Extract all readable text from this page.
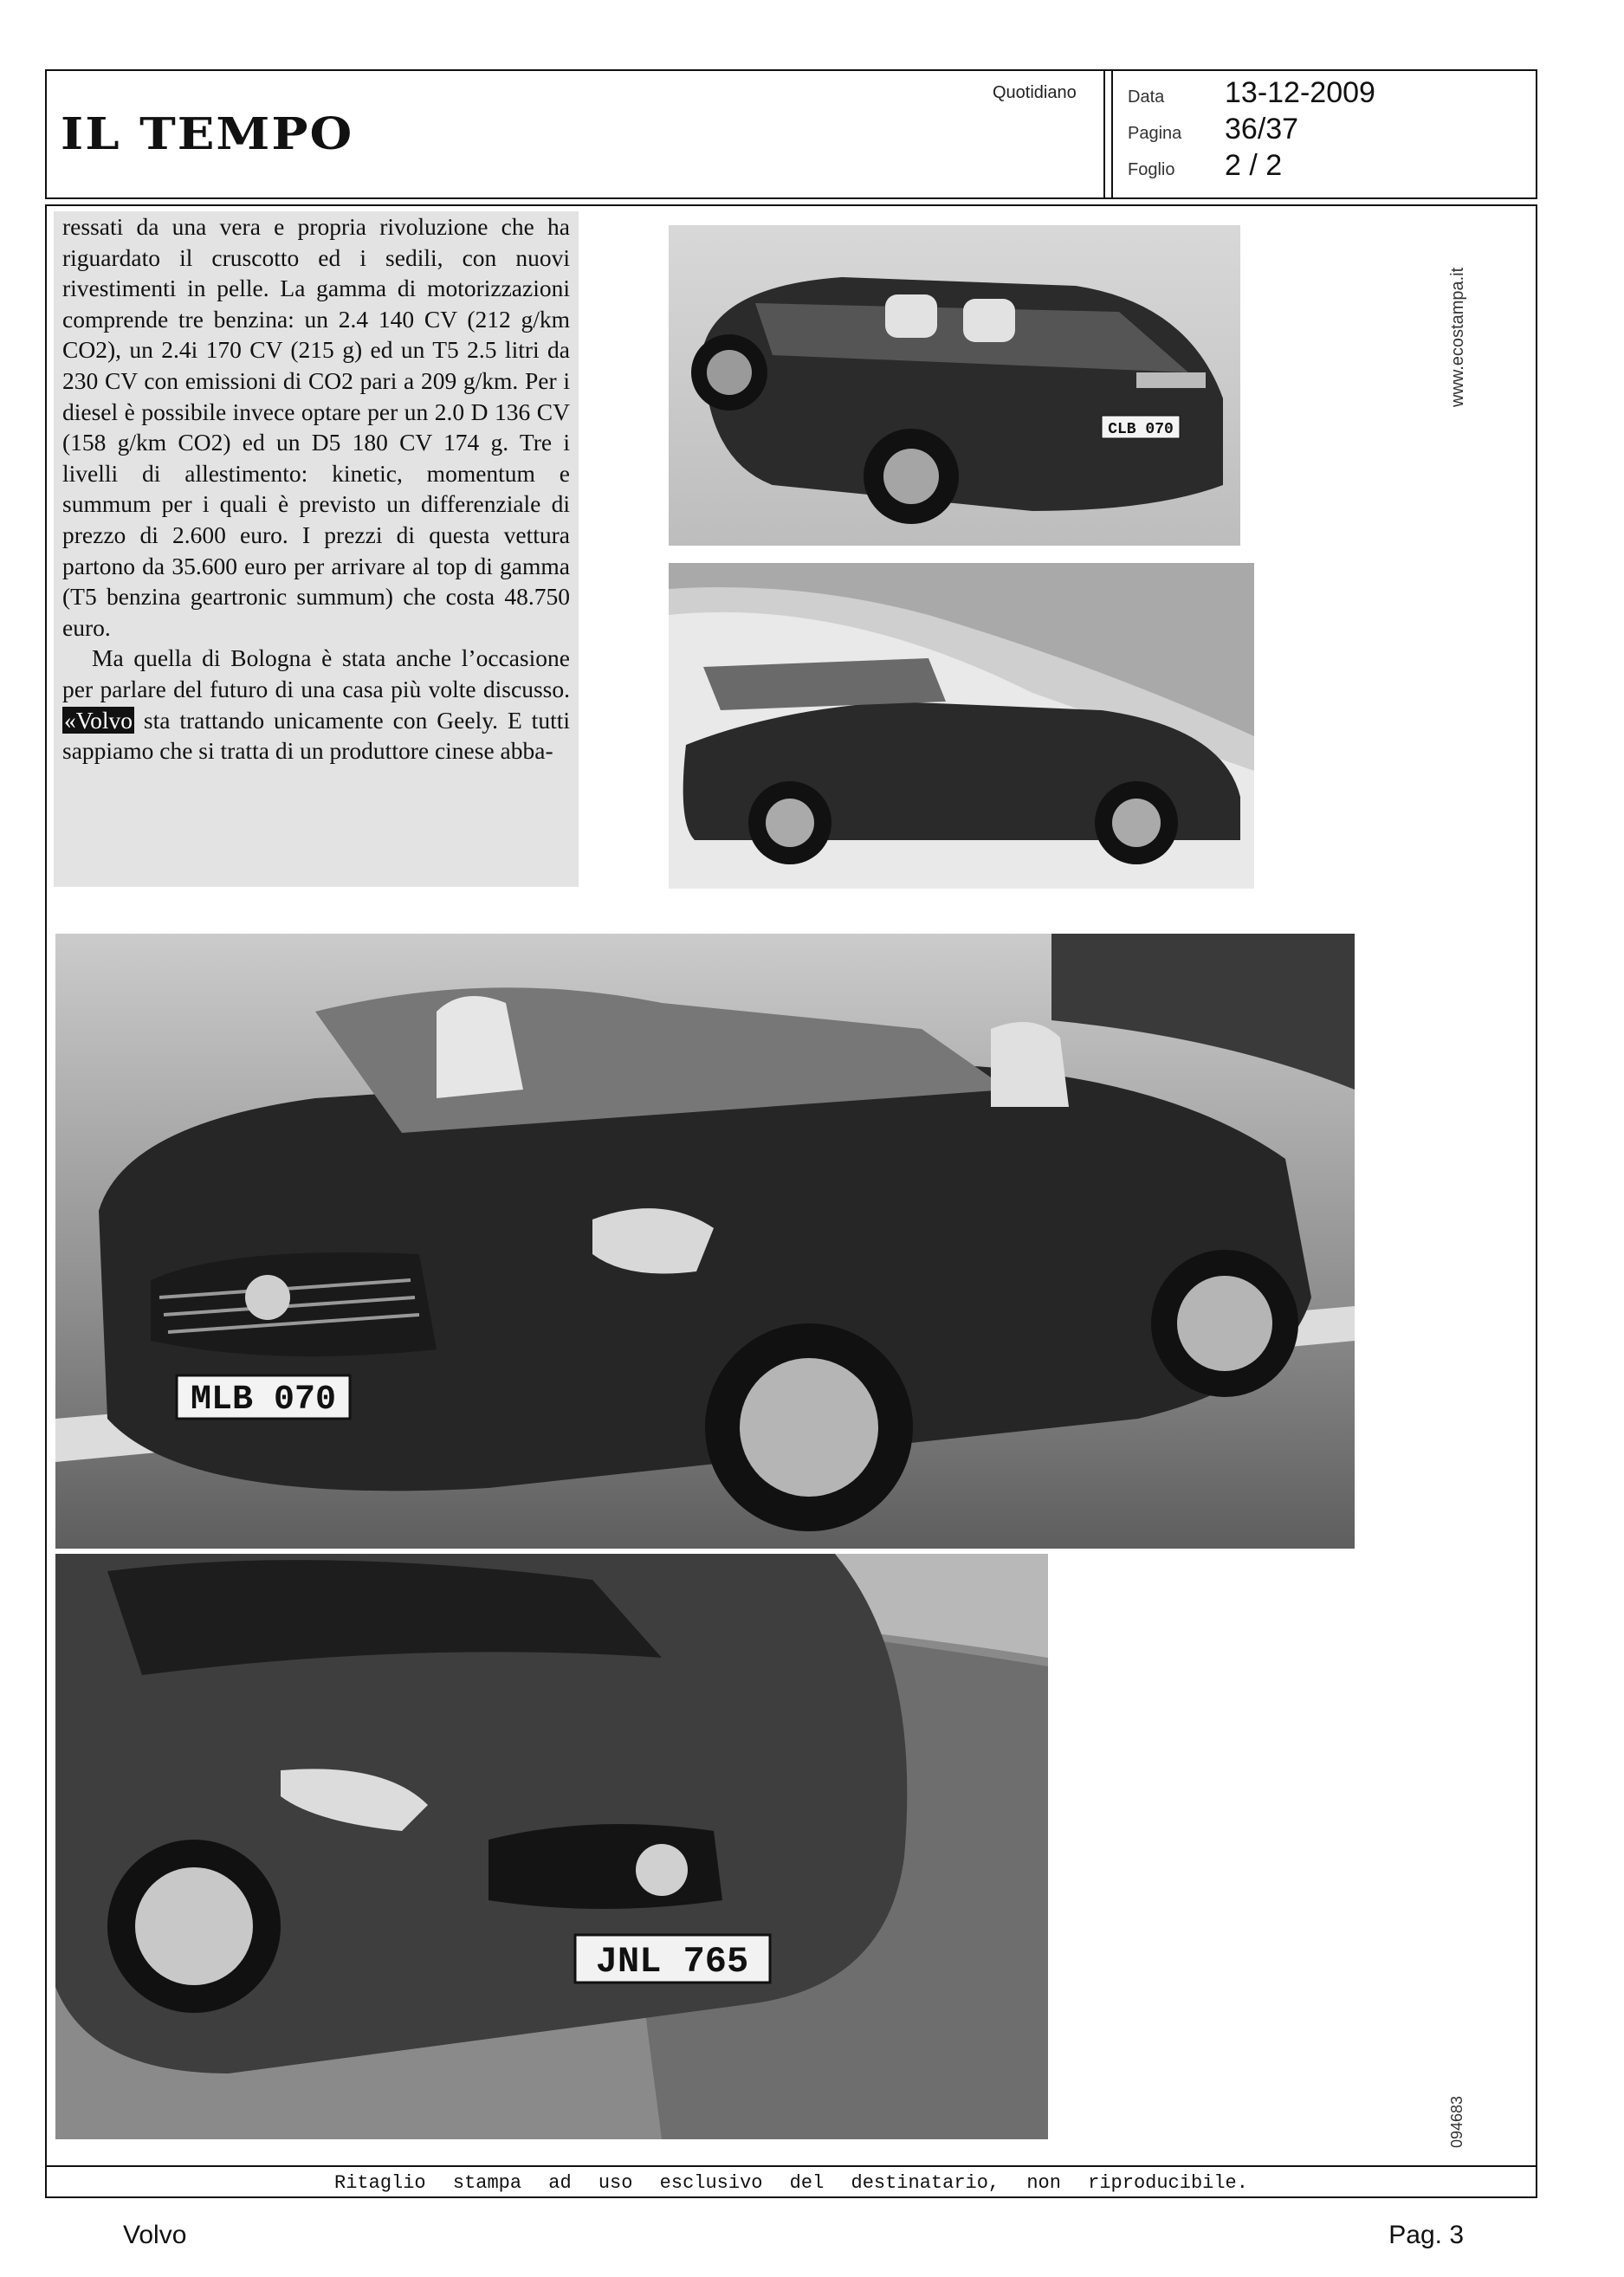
IL TEMPO
Quotidiano	Data	13-12-2009
Pagina	36/37
Foglio	2 / 2
Ritaglio stampa ad uso esclusivo del destinatario, non riproducibile.
www.ecostampa.it
094683

ressati da una vera e propria rivoluzione che ha riguardato il cruscotto ed i sedili, con nuovi rivestimenti in pelle. La gamma di motorizzazioni comprende tre benzina: un 2.4 140 CV (212 g/km CO2), un 2.4i 170 CV (215 g) ed un T5 2.5 litri da 230 CV con emissioni di CO2 pari a 209 g/km. Per i diesel è possibile invece optare per un 2.0 D 136 CV (158 g/km CO2) ed un D5 180 CV 174 g. Tre i livelli di allestimento: kinetic, momentum e summum per i quali è previsto un differenziale di prezzo di 2.600 euro. I prezzi di questa vettura partono da 35.600 euro per arrivare al top di gamma (T5 benzina geartronic summum) che costa 48.750 euro.

Ma quella di Bologna è stata anche l’occasione per parlare del futuro di una casa più volte discusso. «Volvo sta trattando unicamente con Geely. E tutti sappiamo che si tratta di un produttore cinese abba-

CLB 070
MLB 070
JNL 765
Volvo	Pag. 3
